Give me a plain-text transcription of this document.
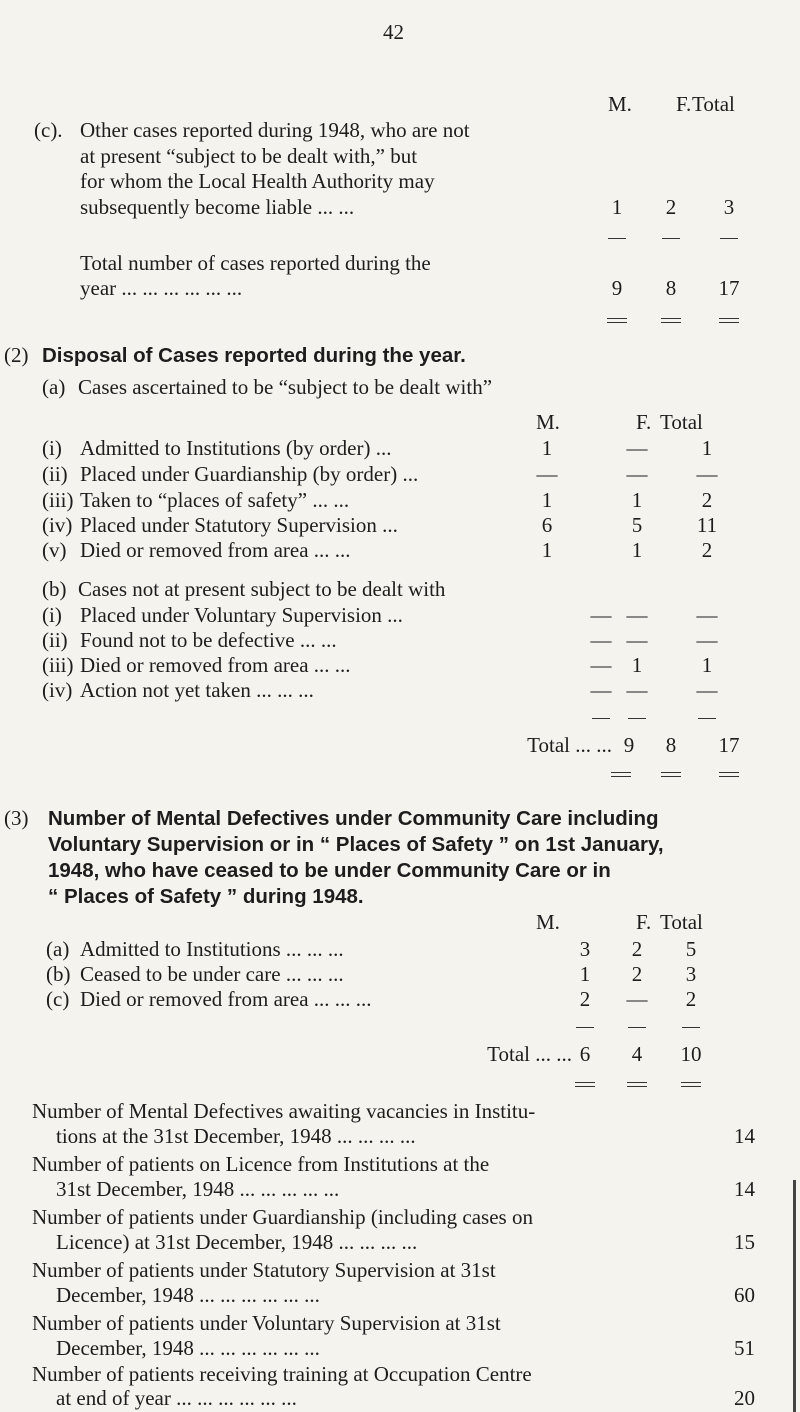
42
M. F. Total
(c). Other cases reported during 1948, who are not
at present “subject to be dealt with,” but
for whom the Local Health Authority may
subsequently become liable ... ...	1	2	3
Total number of cases reported during the
year ... ... ... ... ... ...	9	8	17
(2) Disposal of Cases reported during the year.
(a) Cases ascertained to be “subject to be dealt with”
M.	F. Total
(i) Admitted to Institutions (by order) ...	1	—	1
(ii) Placed under Guardianship (by order) ...	—	— —
(iii) Taken to “places of safety” ... ...	1	1	2
(iv) Placed under Statutory Supervision ...	6	5	11
(v) Died or removed from area ... ...	1	1	2
(b) Cases not at present subject to be dealt with
(i) Placed under Voluntary Supervision ...	— — —
(ii) Found not to be defective ... ...	— — —
(iii) Died or removed from area ... ...	— 1	1
(iv) Action not yet taken ... ... ...	— — —
Total ... ... 9	8	17
(3) Number of Mental Defectives under Community Care including
Voluntary Supervision or in “ Places of Safety ” on 1st January,
1948, who have ceased to be under Community Care or in
“ Places of Safety ” during 1948.
M.	F. Total
(a) Admitted to Institutions ... ... ...	3	2	5
(b) Ceased to be under care ... ... ...	1	2	3
(c) Died or removed from area ... ... ...	2	—	2
Total ... ... 6	4	10
Number of Mental Defectives awaiting vacancies in Institu-
tions at the 31st December, 1948 ... ... ... ...	14
Number of patients on Licence from Institutions at the
31st December, 1948 ... ... ... ... ...	14
Number of patients under Guardianship (including cases on
Licence) at 31st December, 1948 ... ... ... ...	15
Number of patients under Statutory Supervision at 31st
December, 1948 ... ... ... ... ... ...	60
Number of patients under Voluntary Supervision at 31st
December, 1948 ... ... ... ... ... ...	51
Number of patients receiving training at Occupation Centre
at end of year ... ... ... ... ... ...	20
